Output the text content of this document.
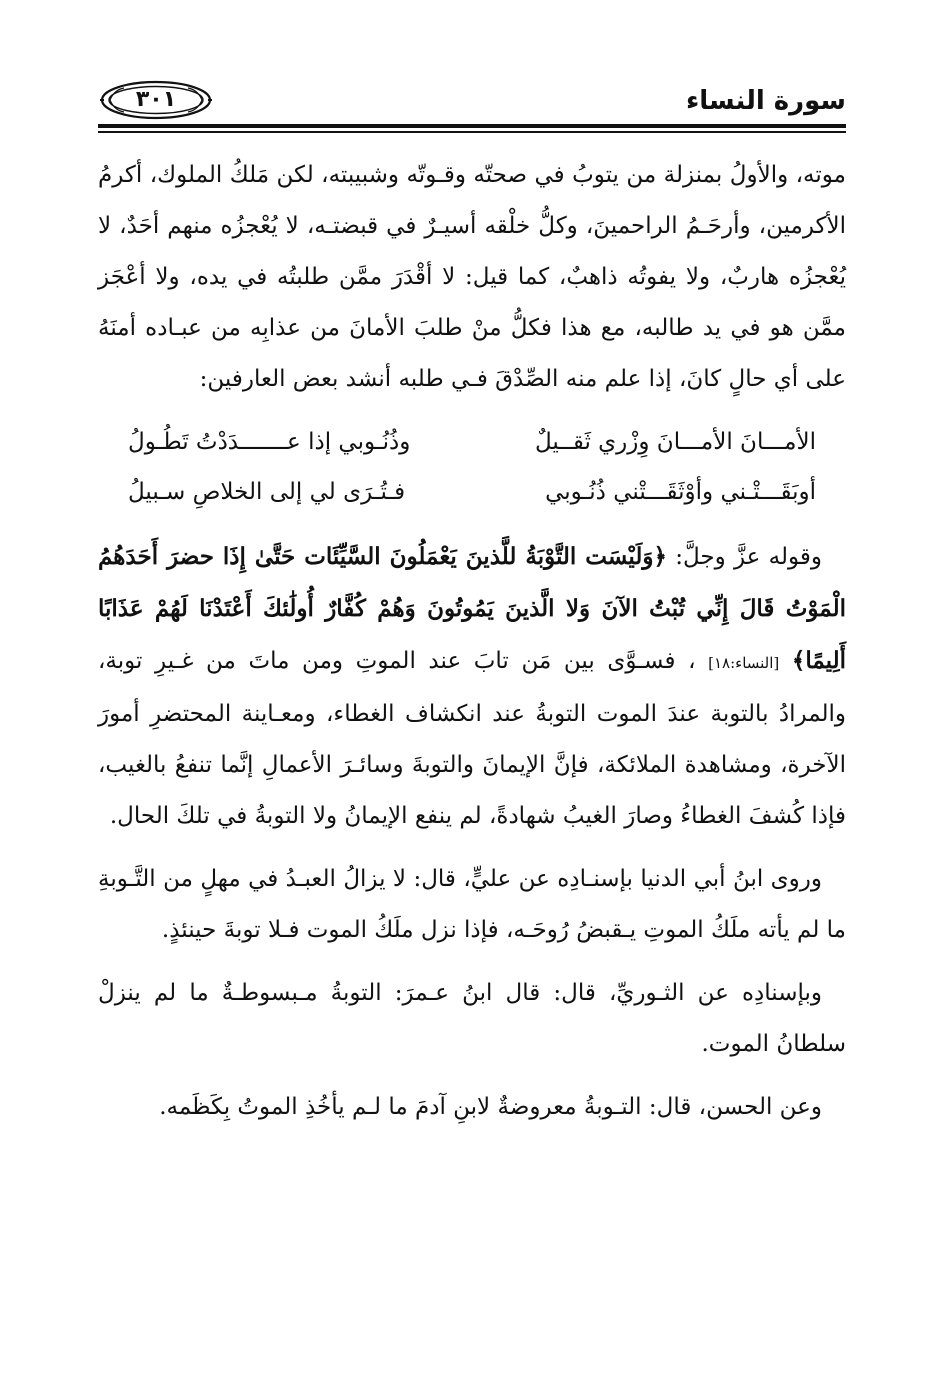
سورة النساء
٣٠١

موته، والأولُ بمنزلة من يتوبُ في صحتّه وقـوتّه وشبيبته، لكن مَلكُ الملوك، أكرمُ الأكرمين، وأرحَـمُ الراحمينَ، وكلُّ خلْقه أسيـرٌ في قبضتـه، لا يُعْجزُه منهم أحَدٌ، لا يُعْجزُه هاربٌ، ولا يفوتُه ذاهبٌ، كما قيل: لا أقْدَرَ ممَّن طلبتُه في يده، ولا أعْجَز ممَّن هو في يد طالبه، مع هذا فكلُّ منْ طلبَ الأمانَ من عذابِه من عبـاده أمنَهُ على أي حالٍ كانَ، إذا علم منه الصِّدْقَ فـي طلبه أنشد بعض العارفين:

الأمـــانَ الأمـــانَ وِزْري ثَقــيلٌ
وذُنُـوبي إذا عـــــــدَدْتُ تَطُـولُ
أوبَقَـــتْـني وأوْثَقَـــتْني ذُنُـوبي
فـتُـرَى لي إلى الخلاصِ سـبيلُ

وقوله عزَّ وجلَّ: ﴿وَلَيْسَت التَّوْبَةُ للَّذينَ يَعْمَلُونَ السَّيِّئَات حَتَّىٰ إِذَا حضرَ أَحَدَهُمُ الْمَوْتُ قَالَ إِنِّي تُبْتُ الآنَ وَلا الَّذينَ يَمُوتُونَ وَهُمْ كُفَّارٌ أُولَٰئكَ أَعْتَدْنَا لَهُمْ عَذَابًا أَلِيمًا﴾ [النساء:١٨] ، فسـوَّى بين مَن تابَ عند الموتِ ومن ماتَ من غـيرِ توبة، والمرادُ بالتوبة عندَ الموت التوبةُ عند انكشاف الغطاء، ومعـاينة المحتضرِ أمورَ الآخرة، ومشاهدة الملائكة، فإنَّ الإيمانَ والتوبةَ وسائـرَ الأعمالِ إنَّما تنفعُ بالغيب، فإذا كُشفَ الغطاءُ وصارَ الغيبُ شهادةً، لم ينفع الإيمانُ ولا التوبةُ في تلكَ الحال.

وروى ابنُ أبي الدنيا بإسنـادِه عن عليٍّ، قال: لا يزالُ العبـدُ في مهلٍ من التَّـوبةِ ما لم يأته ملَكُ الموتِ يـقبضُ رُوحَـه، فإذا نزل ملَكُ الموت فـلا توبةَ حينئذٍ.

وبإسنادِه عن الثـوريِّ، قال: قال ابنُ عـمرَ: التوبةُ مـبسوطـةٌ ما لم ينزلْ سلطانُ الموت.

وعن الحسن، قال: التـوبةُ معروضةٌ لابنِ آدمَ ما لـم يأخُذِ الموتُ بِكَظَمه.
